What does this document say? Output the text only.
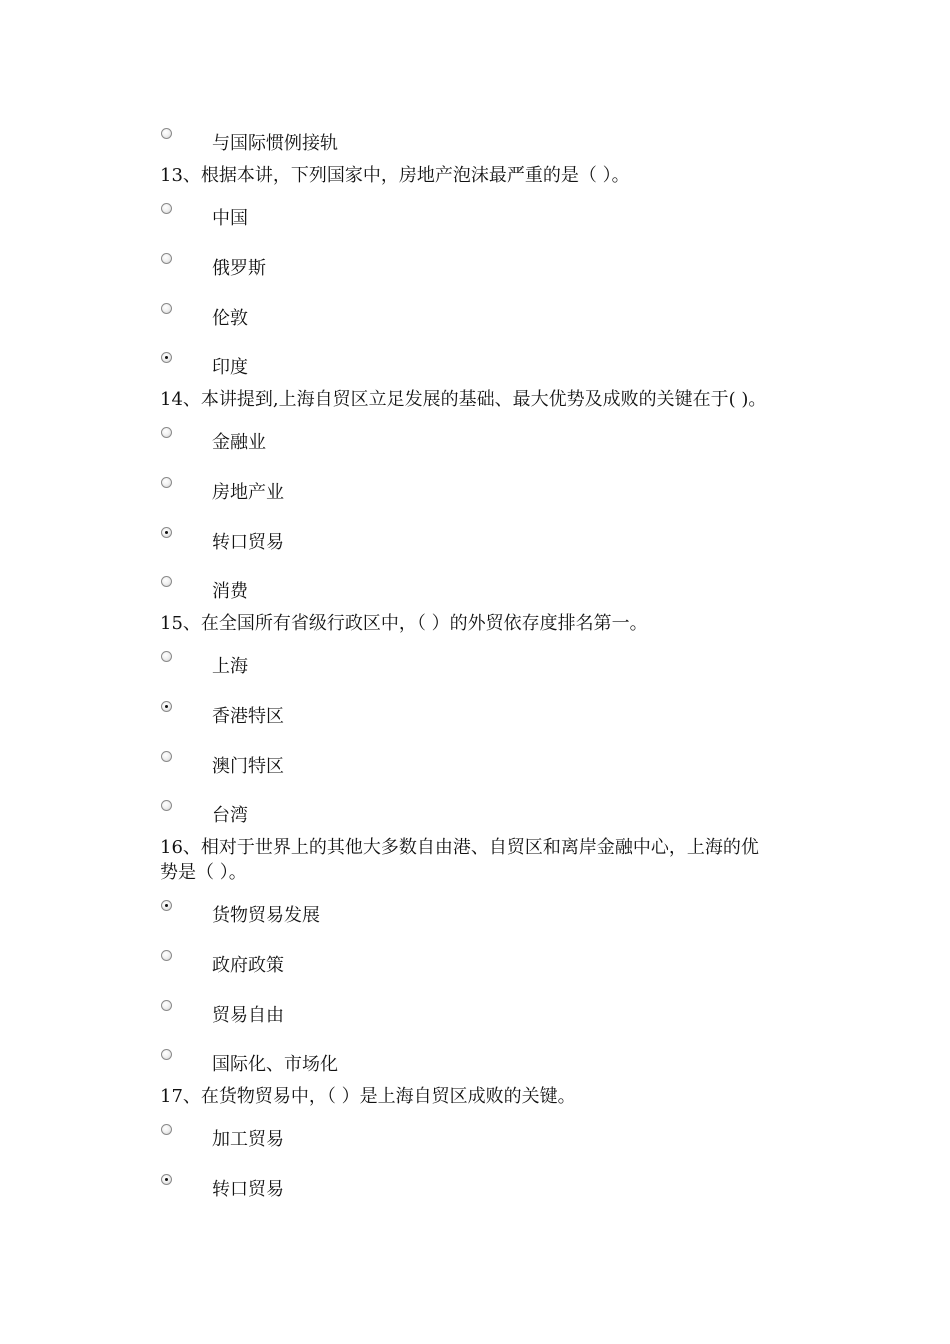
与国际惯例接轨
13、根据本讲，下列国家中，房地产泡沫最严重的是（ ）。
中国
俄罗斯
伦敦
印度
14、本讲提到,上海自贸区立足发展的基础、最大优势及成败的关键在于( )。
金融业
房地产业
转口贸易
消费
15、在全国所有省级行政区中，（ ）的外贸依存度排名第一。
上海
香港特区
澳门特区
台湾
16、相对于世界上的其他大多数自由港、自贸区和离岸金融中心，上海的优
势是（ ）。
货物贸易发展
政府政策
贸易自由
国际化、市场化
17、在货物贸易中，（ ）是上海自贸区成败的关键。
加工贸易
转口贸易
